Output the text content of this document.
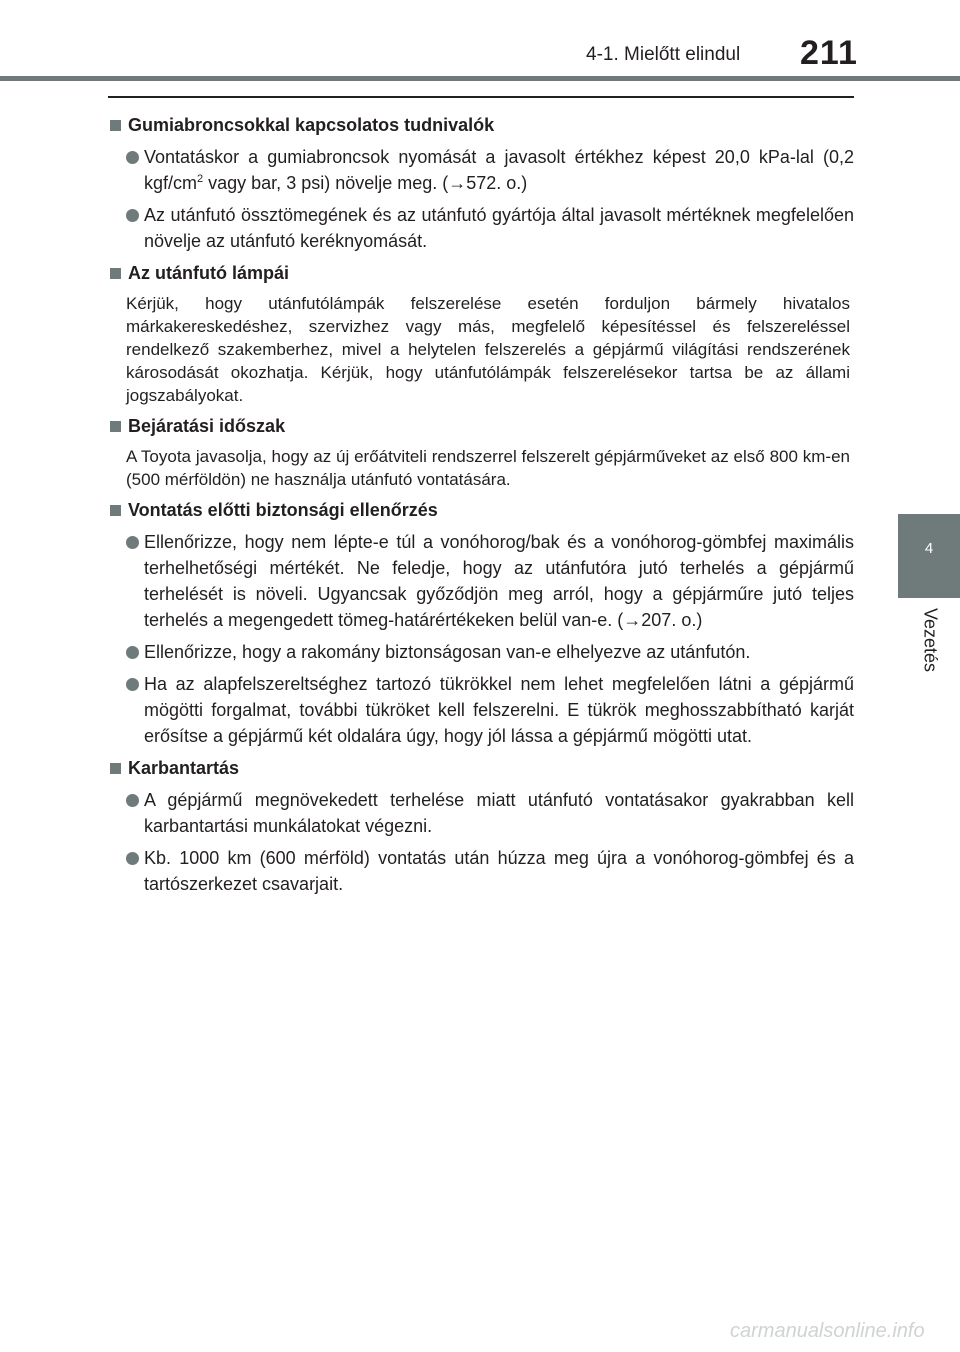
4-1. Mielőtt elindul 211
4
Vezetés
Gumiabroncsokkal kapcsolatos tudnivalók
Vontatáskor a gumiabroncsok nyomását a javasolt értékhez képest 20,0 kPa-lal (0,2 kgf/$cm^2$ vagy bar, 3 psi) növelje meg. (→572. o.)
Az utánfutó össztömegének és az utánfutó gyártója által javasolt mértéknek megfelelően növelje az utánfutó keréknyomását.
Az utánfutó lámpái
Kérjük, hogy utánfutólámpák felszerelése esetén forduljon bármely hivatalos márkakereskedéshez, szervizhez vagy más, megfelelő képesítéssel és felszereléssel rendelkező szakemberhez, mivel a helytelen felszerelés a gépjármű világítási rendszerének károsodását okozhatja. Kérjük, hogy utánfutólámpák felszerelésekor tartsa be az állami jogszabályokat.
Bejáratási időszak
A Toyota javasolja, hogy az új erőátviteli rendszerrel felszerelt gépjárműveket az első 800 km-en (500 mérföldön) ne használja utánfutó vontatására.
Vontatás előtti biztonsági ellenőrzés
Ellenőrizze, hogy nem lépte-e túl a vonóhorog/bak és a vonóhorog-gömbfej maximális terhelhetőségi mértékét. Ne feledje, hogy az utánfutóra jutó terhelés a gépjármű terhelését is növeli. Ugyancsak győződjön meg arról, hogy a gépjárműre jutó teljes terhelés a megengedett tömeg-határértékeken belül van-e. (→207. o.)
Ellenőrizze, hogy a rakomány biztonságosan van-e elhelyezve az utánfutón.
Ha az alapfelszereltséghez tartozó tükrökkel nem lehet megfelelően látni a gépjármű mögötti forgalmat, további tükröket kell felszerelni. E tükrök meghosszabbítható karját erősítse a gépjármű két oldalára úgy, hogy jól lássa a gépjármű mögötti utat.
Karbantartás
A gépjármű megnövekedett terhelése miatt utánfutó vontatásakor gyakrabban kell karbantartási munkálatokat végezni.
Kb. 1000 km (600 mérföld) vontatás után húzza meg újra a vonóhorog-gömbfej és a tartószerkezet csavarjait.
carmanualsonline.info
